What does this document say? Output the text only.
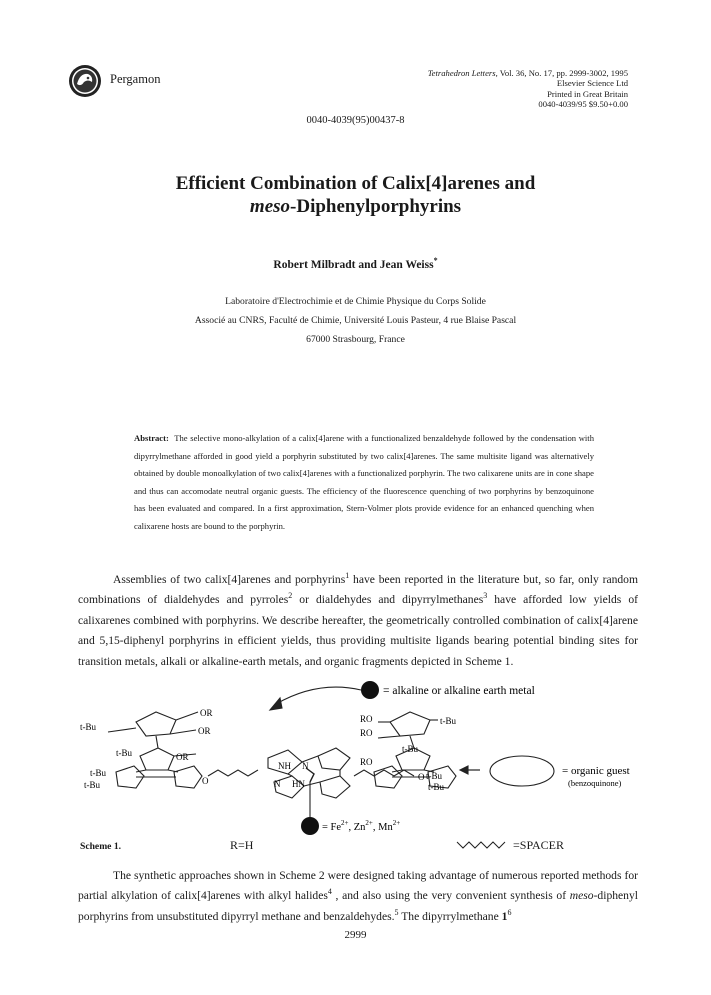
Pergamon	Tetrahedron Letters, Vol. 36, No. 17, pp. 2999-3002, 1995
Elsevier Science Ltd
Printed in Great Britain
0040-4039/95 $9.50+0.00
0040-4039(95)00437-8
Efficient Combination of Calix[4]arenes and
meso-Diphenylporphyrins
Robert Milbradt and Jean Weiss*
Laboratoire d'Electrochimie et de Chimie Physique du Corps Solide
Associé au CNRS, Faculté de Chimie, Université Louis Pasteur, 4 rue Blaise Pascal
67000 Strasbourg, France
Abstract: The selective mono-alkylation of a calix[4]arene with a functionalized benzaldehyde followed by the condensation with dipyrrylmethane afforded in good yield a porphyrin substituted by two calix[4]arenes. The same multisite ligand was alternatively obtained by double monoalkylation of two calix[4]arenes with a functionalized porphyrin. The two calixarene units are in cone shape and thus can accomodate neutral organic guests. The efficiency of the fluorescence quenching of two porphyrins by benzoquinone has been evaluated and compared. In a first approximation, Stern-Volmer plots provide evidence for an enhanced quenching when calixarene hosts are bound to the porphyrin.

Assemblies of two calix[4]arenes and porphyrins$^1$ have been reported in the literature but, so far, only random combinations of dialdehydes and pyrroles$^2$ or dialdehydes and dipyrrylmethanes$^3$ have afforded low yields of calixarenes combined with porphyrins. We describe hereafter, the geometrically controlled combination of calix[4]arene and 5,15-diphenyl porphyrins in efficient yields, thus providing multisite ligands bearing potential binding sites for transition metals, alkali or alkaline-earth metals, and organic fragments depicted in Scheme 1.

= alkaline or alkaline earth metal
= organic guest
(benzoquinone)
= $Fe^{2+}$, $Zn^{2+}$, $Mn^{2+}$
t-Bu
OR
OR
t-Bu	OR
t-Bu
t-Bu	O
NH N
N HN
O
RO
RO
RO
t-Bu
t-Bu
t-Bu
t-Bu
Scheme 1.	R=H	=SPACER

The synthetic approaches shown in Scheme 2 were designed taking advantage of numerous reported methods for partial alkylation of calix[4]arenes with alkyl halides$^4$ , and also using the very convenient synthesis of meso-diphenyl porphyrins from unsubstituted dipyrryl methane and benzaldehydes.$^5$ The dipyrrylmethane $1^6$

2999
